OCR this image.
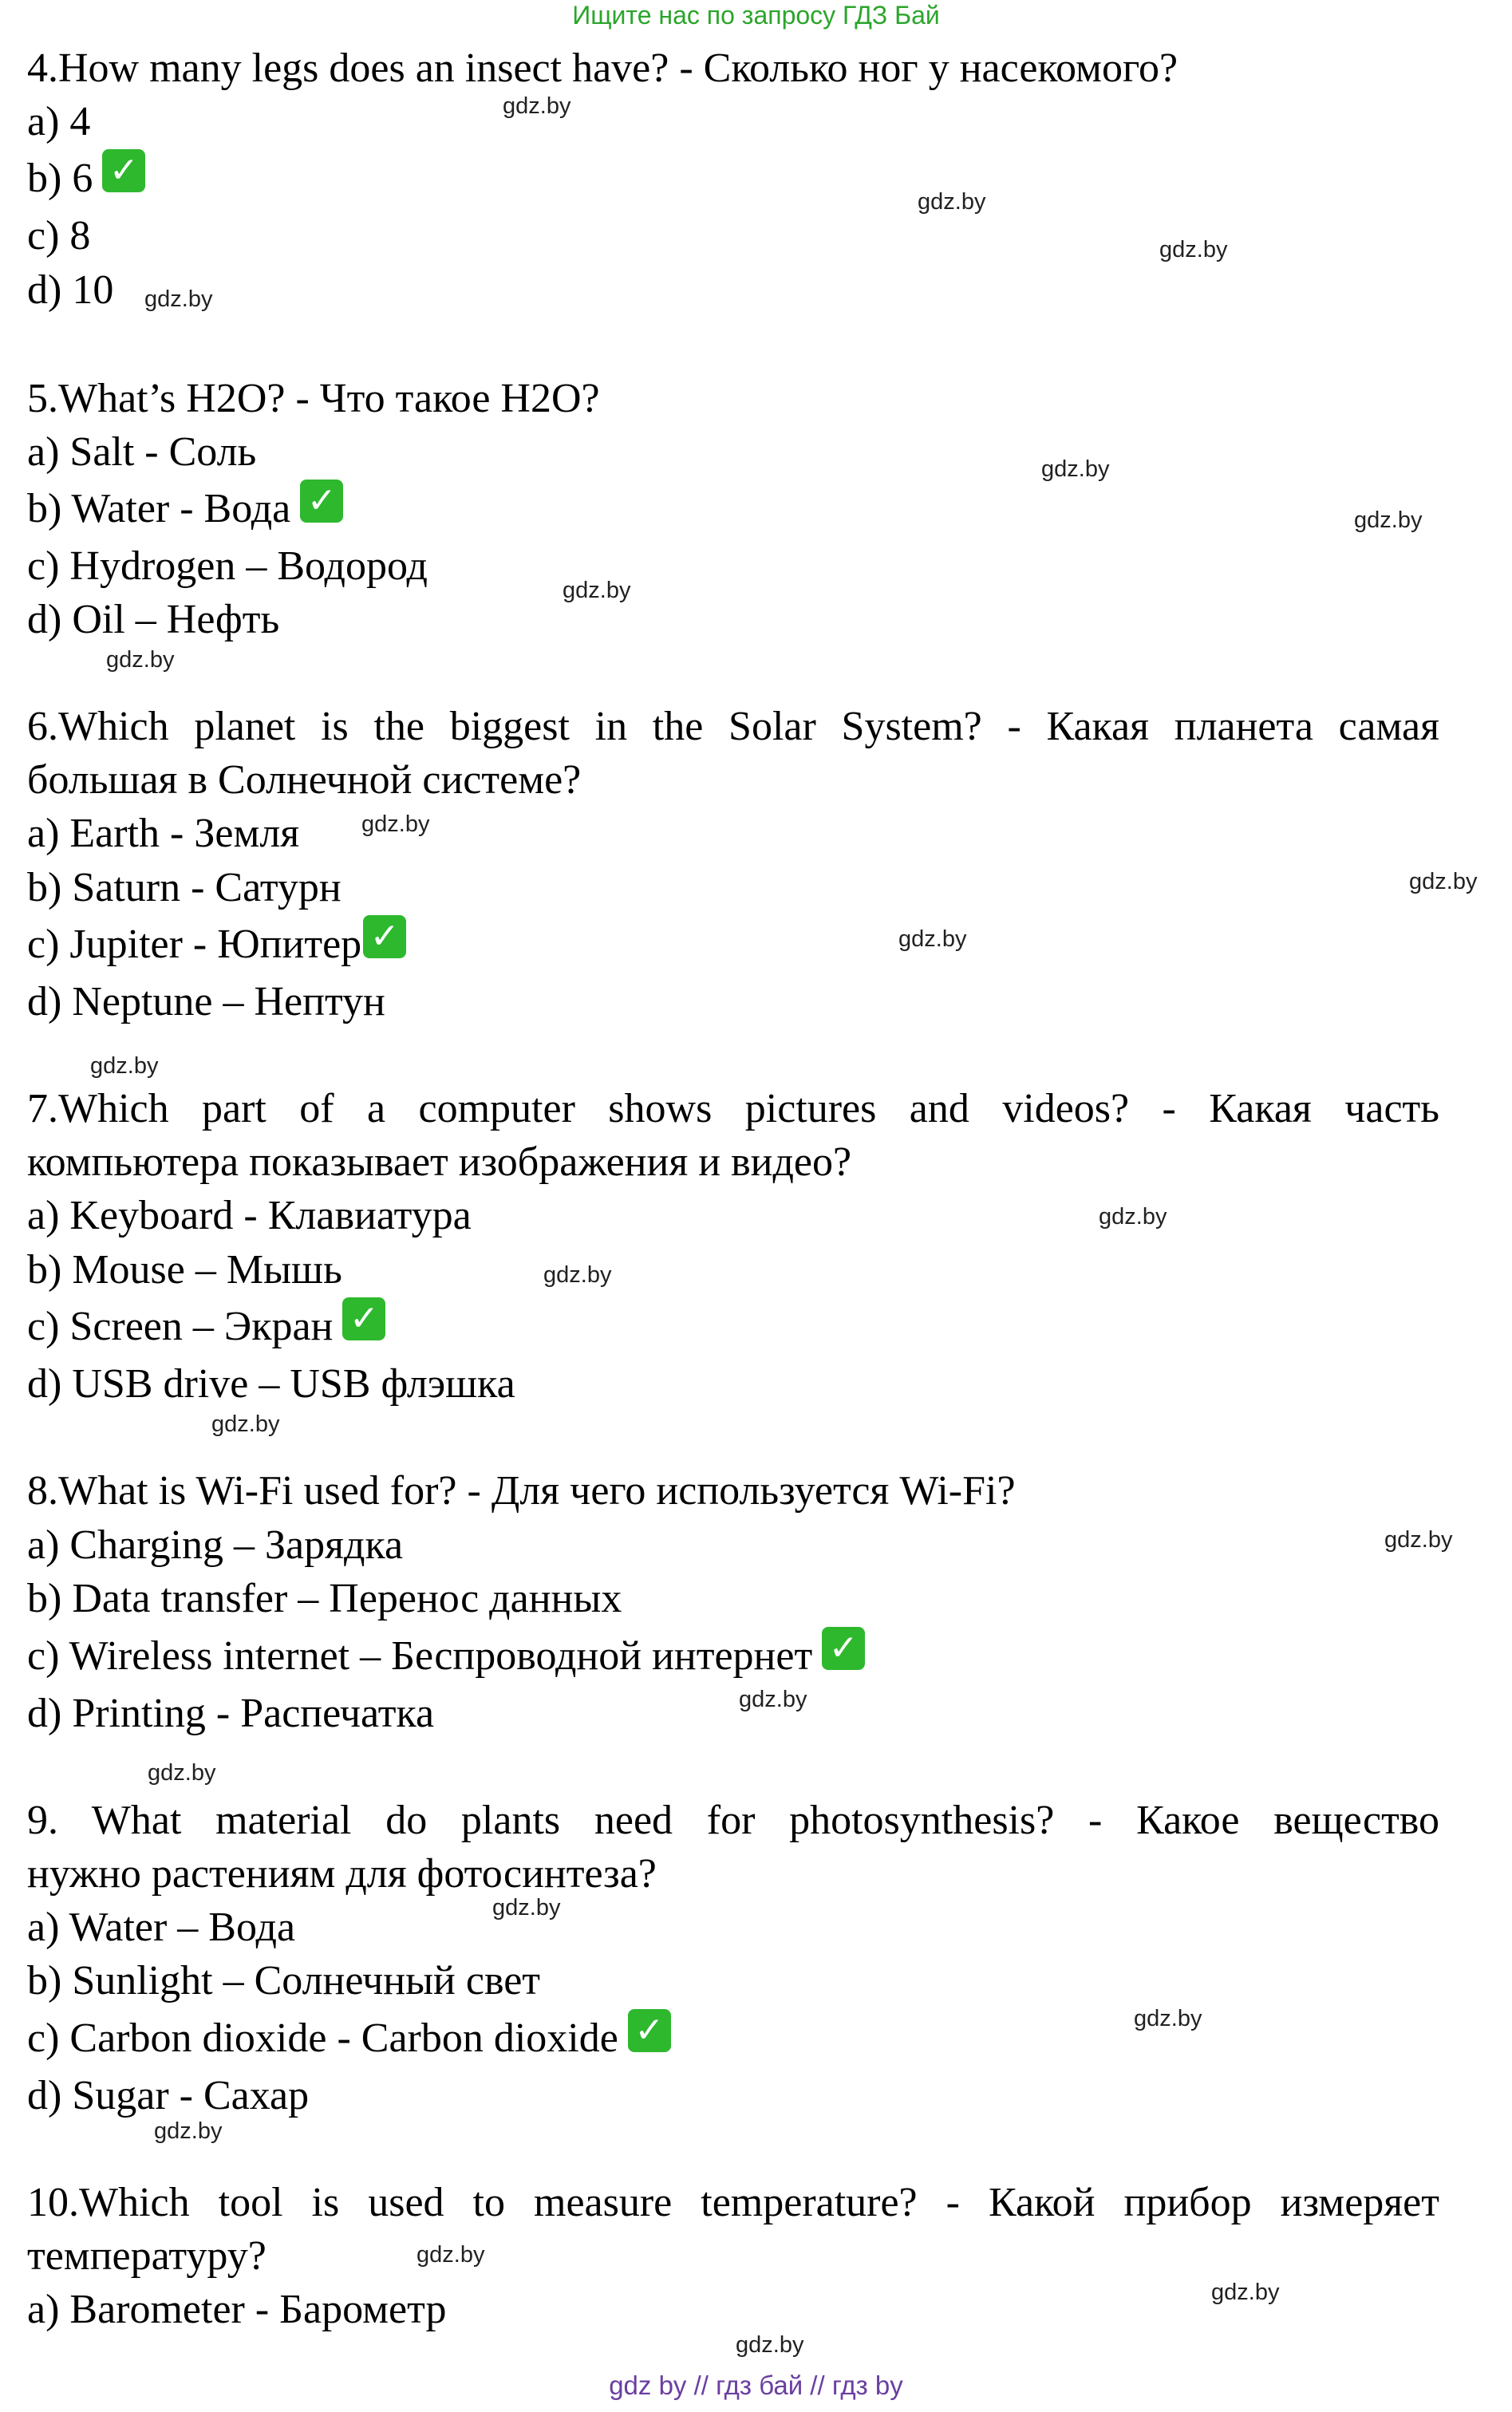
Ищите нас по запросу ГДЗ Бай
4.How many legs does an insect have? - Сколько ног у насекомого?
a) 4
b) 6 ✓
c) 8
d) 10
5.What’s H2O? - Что такое H2O?
a) Salt - Соль
b) Water - Вода ✓
c) Hydrogen – Водород
d) Oil – Нефть
6.Which planet is the biggest in the Solar System? - Какая планета самая
большая в Солнечной системе?
a) Earth - Земля
b) Saturn - Сатурн
c) Jupiter - Юпитер ✓
d) Neptune – Нептун
7.Which part of a computer shows pictures and videos? - Какая часть
компьютера показывает изображения и видео?
a) Keyboard - Клавиатура
b) Mouse – Мышь
c) Screen – Экран ✓
d) USB drive – USB флэшка
8.What is Wi-Fi used for? - Для чего используется Wi-Fi?
a) Charging – Зарядка
b) Data transfer – Перенос данных
c) Wireless internet – Беспроводной интернет ✓
d) Printing - Распечатка
9. What material do plants need for photosynthesis? - Какое вещество
нужно растениям для фотосинтеза?
a) Water – Вода
b) Sunlight – Солнечный свет
c) Carbon dioxide - Carbon dioxide ✓
d) Sugar - Сахар
10.Which tool is used to measure temperature? - Какой прибор измеряет
температуру?
a) Barometer - Барометр
gdz.by
gdz.by
gdz.by
gdz.by
gdz.by
gdz.by
gdz.by
gdz.by
gdz.by
gdz.by
gdz.by
gdz.by
gdz.by
gdz.by
gdz.by
gdz.by
gdz.by
gdz.by
gdz.by
gdz.by
gdz.by
gdz.by
gdz.by
gdz.by
gdz by // гдз бай // гдз by
